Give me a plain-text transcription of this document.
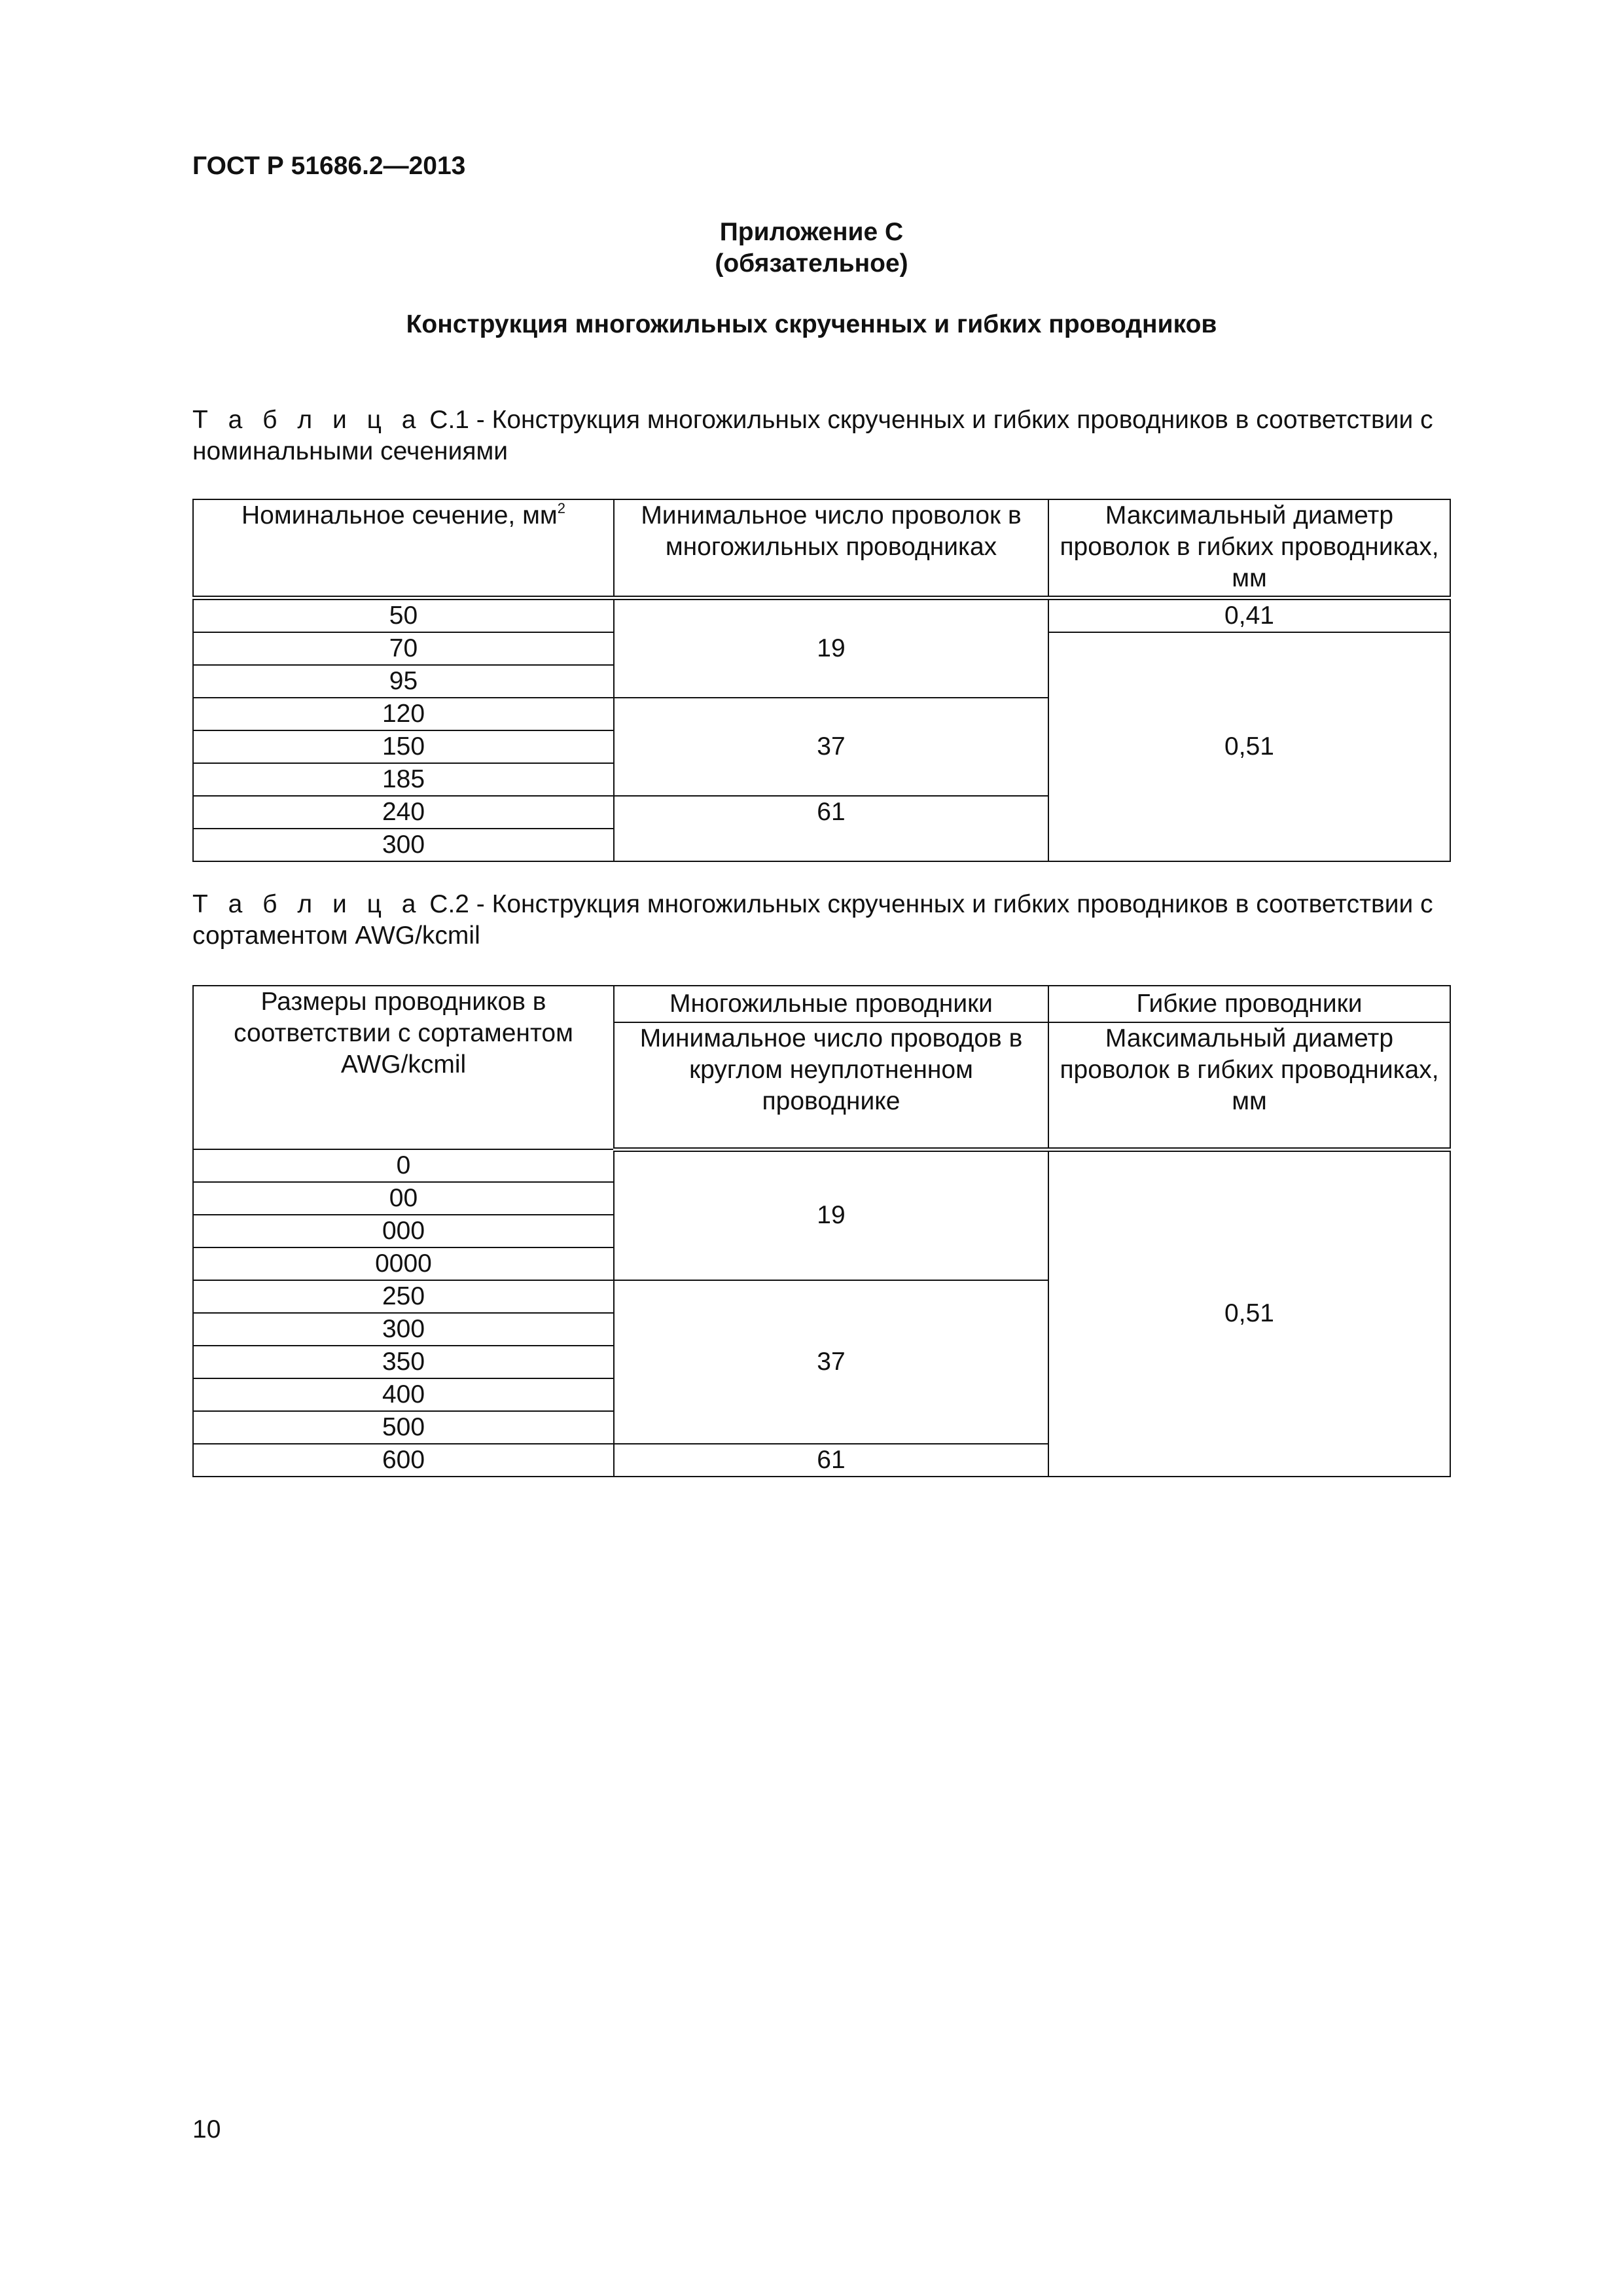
ГОСТ Р 51686.2—2013
Приложение С
(обязательное)
Конструкция многожильных скрученных и гибких проводников
Т а б л и ц а С.1 - Конструкция многожильных скрученных и гибких проводников в соответствии с номинальными сечениями
Номинальное сечение, $мм^2$	Минимальное число проволок в многожильных проводниках	Максимальный диаметр проволок в гибких проводниках, мм
50	19	0,41
70		0,51
95		
120	37	
150		
185		
240	61	
300		
Т а б л и ц а С.2 - Конструкция многожильных скрученных и гибких проводников в соответствии с сортаментом AWG/kcmil
Размеры проводников в соответствии с сортаментом AWG/kcmil	Многожильные проводники	Гибкие проводники
	Минимальное число проводов в круглом неуплотненном проводнике	Максимальный диаметр проволок в гибких проводниках, мм
0	19	0,51
00		
000		
0000		
250	37	
300		
350		
400		
500		
600	61	
10
